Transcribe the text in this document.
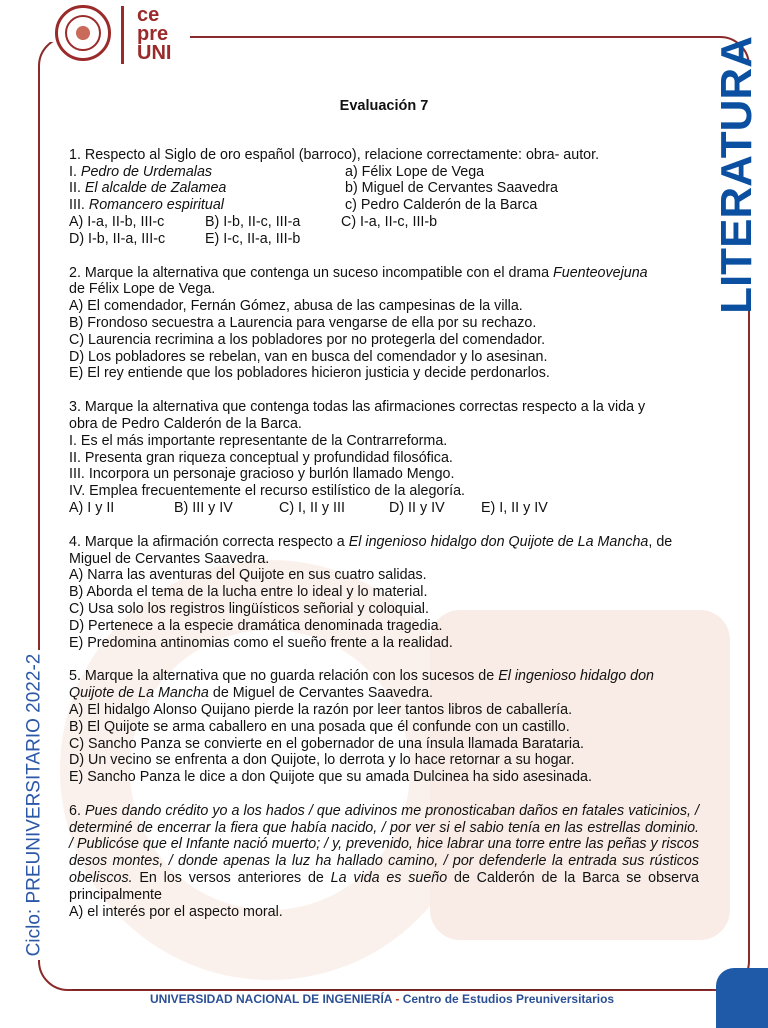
ce
pre
UNI	LITERATURA
Ciclo: PREUNIVERSITARIO 2022-2
Evaluación 7

1. Respecto al Siglo de oro español (barroco), relacione correctamente: obra- autor.

I. Pedro de Urdemalas	a) Félix Lope de Vega
II. El alcalde de Zalamea	b) Miguel de Cervantes Saavedra
III. Romancero espiritual	c) Pedro Calderón de la Barca
A) I-a, II-b, III-c	B) I-b, II-c, III-a	C) I-a, II-c, III-b
D) I-b, II-a, III-c	E) I-c, II-a, III-b

2. Marque la alternativa que contenga un suceso incompatible con el drama Fuenteovejuna

de Félix Lope de Vega.

A) El comendador, Fernán Gómez, abusa de las campesinas de la villa.

B) Frondoso secuestra a Laurencia para vengarse de ella por su rechazo.

C) Laurencia recrimina a los pobladores por no protegerla del comendador.

D) Los pobladores se rebelan, van en busca del comendador y lo asesinan.

E) El rey entiende que los pobladores hicieron justicia y decide perdonarlos.

3. Marque la alternativa que contenga todas las afirmaciones correctas respecto a la vida y

obra de Pedro Calderón de la Barca.

I. Es el más importante representante de la Contrarreforma.

II. Presenta gran riqueza conceptual y profundidad filosófica.

III. Incorpora un personaje gracioso y burlón llamado Mengo.

IV. Emplea frecuentemente el recurso estilístico de la alegoría.

A) I y II	B) III y IV	C) I, II y III	D) II y IV	E) I, II y IV

4. Marque la afirmación correcta respecto a El ingenioso hidalgo don Quijote de La Mancha, de Miguel de Cervantes Saavedra.

A) Narra las aventuras del Quijote en sus cuatro salidas.

B) Aborda el tema de la lucha entre lo ideal y lo material.

C) Usa solo los registros lingüísticos señorial y coloquial.

D) Pertenece a la especie dramática denominada tragedia.

E) Predomina antinomias como el sueño frente a la realidad.

5. Marque la alternativa que no guarda relación con los sucesos de El ingenioso hidalgo don Quijote de La Mancha de Miguel de Cervantes Saavedra.

A) El hidalgo Alonso Quijano pierde la razón por leer tantos libros de caballería.

B) El Quijote se arma caballero en una posada que él confunde con un castillo.

C) Sancho Panza se convierte en el gobernador de una ínsula llamada Barataria.

D) Un vecino se enfrenta a don Quijote, lo derrota y lo hace retornar a su hogar.

E) Sancho Panza le dice a don Quijote que su amada Dulcinea ha sido asesinada.

6. Pues dando crédito yo a los hados / que adivinos me pronosticaban daños en fatales vaticinios, / determiné de encerrar la fiera que había nacido, / por ver si el sabio tenía en las estrellas dominio. / Publicóse que el Infante nació muerto; / y, prevenido, hice labrar una torre entre las peñas y riscos desos montes, / donde apenas la luz ha hallado camino, / por defenderle la entrada sus rústicos obeliscos. En los versos anteriores de La vida es sueño de Calderón de la Barca se observa principalmente

A) el interés por el aspecto moral.

UNIVERSIDAD NACIONAL DE INGENIERÍA - Centro de Estudios Preuniversitarios
